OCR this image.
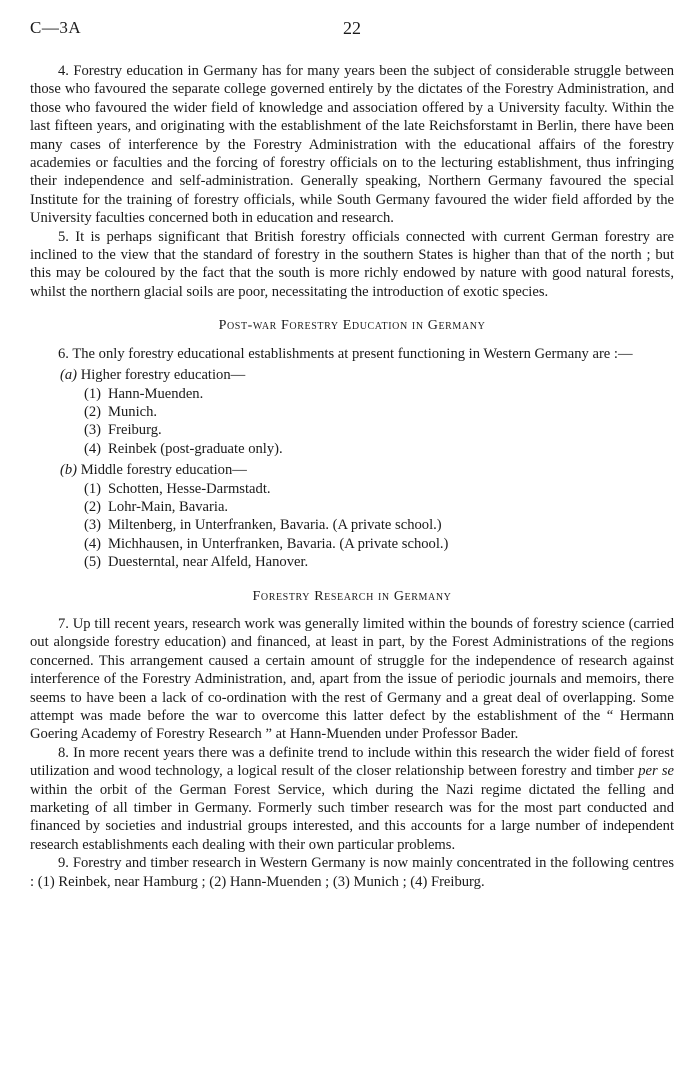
C—3A	22

4. Forestry education in Germany has for many years been the subject of considerable struggle between those who favoured the separate college governed entirely by the dictates of the Forestry Administration, and those who favoured the wider field of knowledge and association offered by a University faculty. Within the last fifteen years, and originating with the establishment of the late Reichsforstamt in Berlin, there have been many cases of interference by the Forestry Administration with the educational affairs of the forestry academies or faculties and the forcing of forestry officials on to the lecturing establishment, thus infringing their independence and self-administration. Generally speaking, Northern Germany favoured the special Institute for the training of forestry officials, while South Germany favoured the wider field afforded by the University faculties concerned both in education and research.

5. It is perhaps significant that British forestry officials connected with current German forestry are inclined to the view that the standard of forestry in the southern States is higher than that of the north ; but this may be coloured by the fact that the south is more richly endowed by nature with good natural forests, whilst the northern glacial soils are poor, necessitating the introduction of exotic species.

Post-war Forestry Education in Germany

6. The only forestry educational establishments at present functioning in Western Germany are :—

(a) Higher forestry education—
(1) Hann-Muenden.
(2) Munich.
(3) Freiburg.
(4) Reinbek (post-graduate only).
(b) Middle forestry education—
(1) Schotten, Hesse-Darmstadt.
(2) Lohr-Main, Bavaria.
(3) Miltenberg, in Unterfranken, Bavaria. (A private school.)
(4) Michhausen, in Unterfranken, Bavaria. (A private school.)
(5) Duesterntal, near Alfeld, Hanover.
Forestry Research in Germany

7. Up till recent years, research work was generally limited within the bounds of forestry science (carried out alongside forestry education) and financed, at least in part, by the Forest Administrations of the regions concerned. This arrangement caused a certain amount of struggle for the independence of research against interference of the Forestry Administration, and, apart from the issue of periodic journals and memoirs, there seems to have been a lack of co-ordination with the rest of Germany and a great deal of overlapping. Some attempt was made before the war to overcome this latter defect by the establishment of the “ Hermann Goering Academy of Forestry Research ” at Hann-Muenden under Professor Bader.

8. In more recent years there was a definite trend to include within this research the wider field of forest utilization and wood technology, a logical result of the closer relationship between forestry and timber per se within the orbit of the German Forest Service, which during the Nazi regime dictated the felling and marketing of all timber in Germany. Formerly such timber research was for the most part conducted and financed by societies and industrial groups interested, and this accounts for a large number of independent research establishments each dealing with their own particular problems.

9. Forestry and timber research in Western Germany is now mainly concentrated in the following centres : (1) Reinbek, near Hamburg ; (2) Hann-Muenden ; (3) Munich ; (4) Freiburg.
